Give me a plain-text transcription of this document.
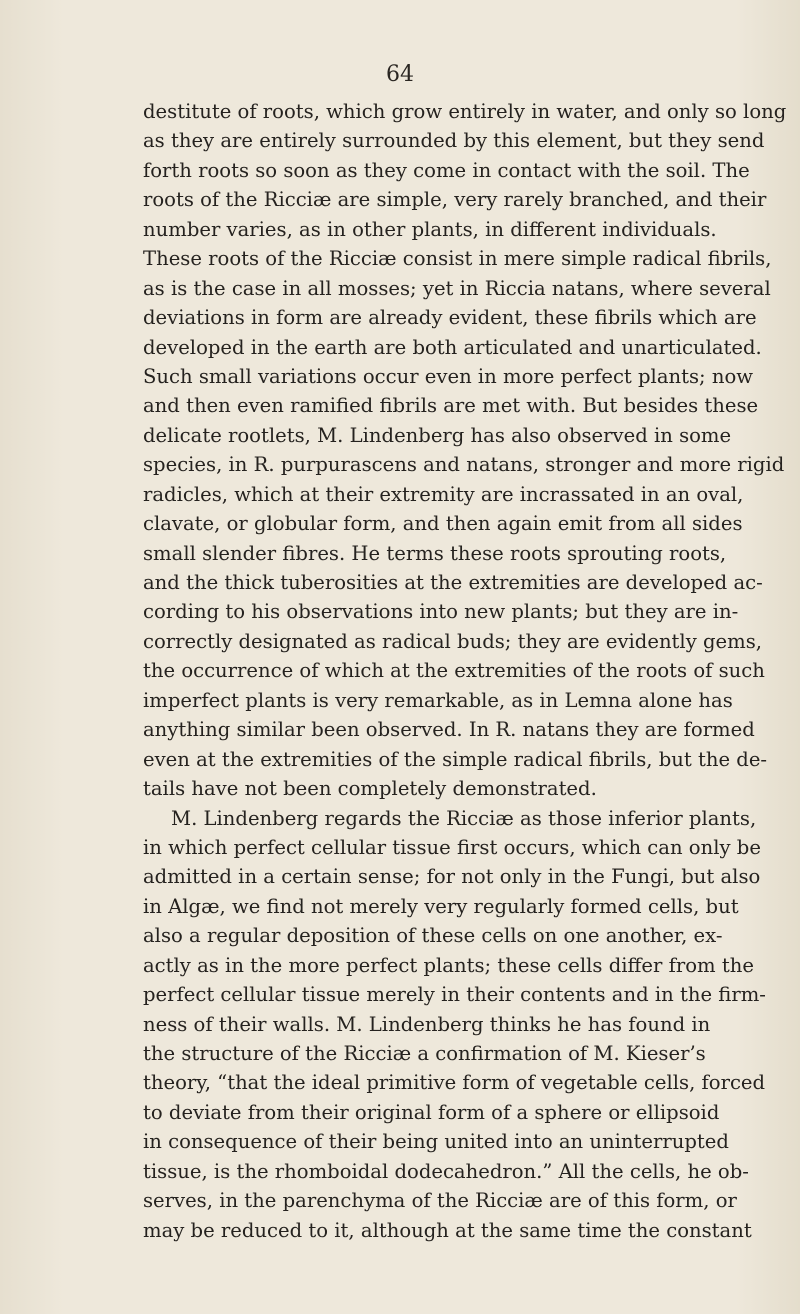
64
destitute of roots, which grow entirely in water, and only so long
as they are entirely surrounded by this element, but they send
forth roots so soon as they come in contact with the soil. The
roots of the Ricciæ are simple, very rarely branched, and their
number varies, as in other plants, in different individuals.
These roots of the Ricciæ consist in mere simple radical fibrils,
as is the case in all mosses; yet in Riccia natans, where several
deviations in form are already evident, these fibrils which are
developed in the earth are both articulated and unarticulated.
Such small variations occur even in more perfect plants; now
and then even ramified fibrils are met with. But besides these
delicate rootlets, M. Lindenberg has also observed in some
species, in R. purpurascens and natans, stronger and more rigid
radicles, which at their extremity are incrassated in an oval,
clavate, or globular form, and then again emit from all sides
small slender fibres. He terms these roots sprouting roots,
and the thick tuberosities at the extremities are developed ac-
cording to his observations into new plants; but they are in-
correctly designated as radical buds; they are evidently gems,
the occurrence of which at the extremities of the roots of such
imperfect plants is very remarkable, as in Lemna alone has
anything similar been observed. In R. natans they are formed
even at the extremities of the simple radical fibrils, but the de-
tails have not been completely demonstrated.
M. Lindenberg regards the Ricciæ as those inferior plants,
in which perfect cellular tissue first occurs, which can only be
admitted in a certain sense; for not only in the Fungi, but also
in Algæ, we find not merely very regularly formed cells, but
also a regular deposition of these cells on one another, ex-
actly as in the more perfect plants; these cells differ from the
perfect cellular tissue merely in their contents and in the firm-
ness of their walls. M. Lindenberg thinks he has found in
the structure of the Ricciæ a confirmation of M. Kieser’s
theory, “that the ideal primitive form of vegetable cells, forced
to deviate from their original form of a sphere or ellipsoid
in consequence of their being united into an uninterrupted
tissue, is the rhomboidal dodecahedron.” All the cells, he ob-
serves, in the parenchyma of the Ricciæ are of this form, or
may be reduced to it, although at the same time the constant
